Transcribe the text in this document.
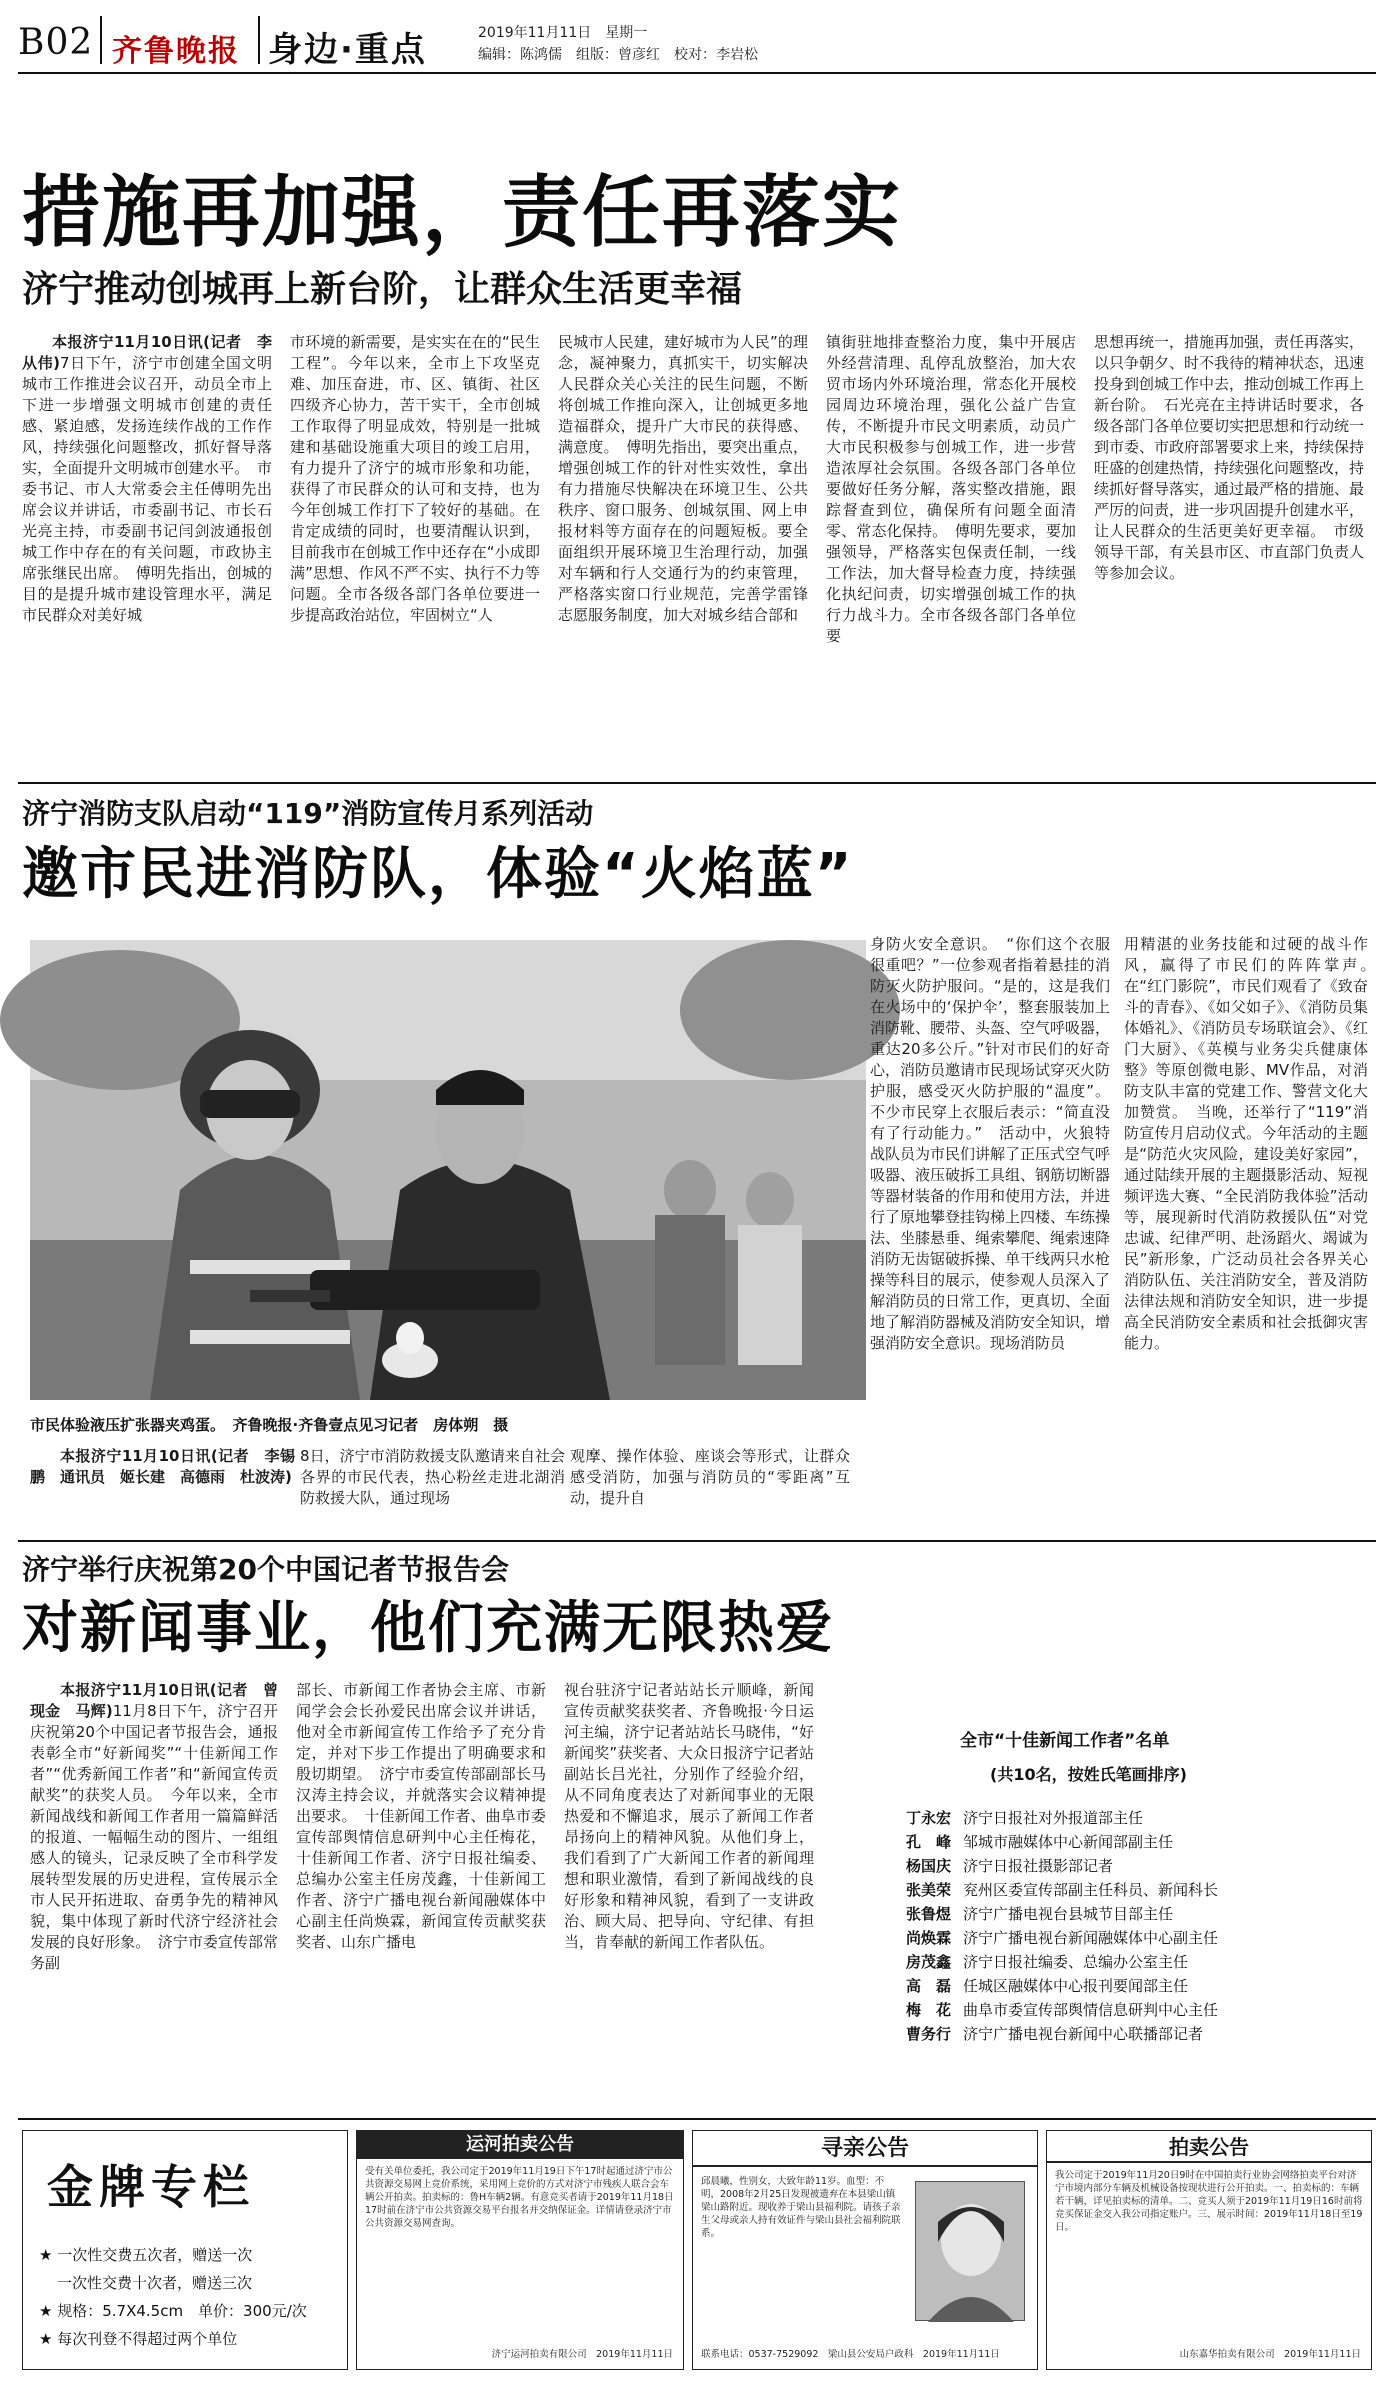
B02 齐鲁晚报 身边·重点	2019年11月11日　 星期一
编辑：陈鸿儒　 组版：曾彦红　 校对：李岩松
措施再加强，责任再落实
济宁推动创城再上新台阶，让群众生活更幸福

本报济宁11月10日讯(记者　李从伟)7日下午，济宁市创建全国文明城市工作推进会议召开，动员全市上下进一步增强文明城市创建的责任感、紧迫感，发扬连续作战的工作作风，持续强化问题整改，抓好督导落实，全面提升文明城市创建水平。　市委书记、市人大常委会主任傅明先出席会议并讲话，市委副书记、市长石光亮主持，市委副书记闫剑波通报创城工作中存在的有关问题，市政协主席张继民出席。　傅明先指出，创城的目的是提升城市建设管理水平，满足市民群众对美好城

市环境的新需要，是实实在在的“民生工程”。今年以来，全市上下攻坚克难、加压奋进，市、区、镇街、社区四级齐心协力，苦干实干，全市创城工作取得了明显成效，特别是一批城建和基础设施重大项目的竣工启用，有力提升了济宁的城市形象和功能，获得了市民群众的认可和支持，也为今年创城工作打下了较好的基础。在肯定成绩的同时，也要清醒认识到，目前我市在创城工作中还存在“小成即满”思想、作风不严不实、执行不力等问题。全市各级各部门各单位要进一步提高政治站位，牢固树立“人

民城市人民建，建好城市为人民”的理念，凝神聚力，真抓实干，切实解决人民群众关心关注的民生问题，不断将创城工作推向深入，让创城更多地造福群众，提升广大市民的获得感、满意度。　傅明先指出，要突出重点，增强创城工作的针对性实效性，拿出有力措施尽快解决在环境卫生、公共秩序、窗口服务、创城氛围、网上申报材料等方面存在的问题短板。要全面组织开展环境卫生治理行动，加强对车辆和行人交通行为的约束管理，严格落实窗口行业规范，完善学雷锋志愿服务制度，加大对城乡结合部和

镇街驻地排查整治力度，集中开展店外经营清理、乱停乱放整治，加大农贸市场内外环境治理，常态化开展校园周边环境治理，强化公益广告宣传，不断提升市民文明素质，动员广大市民积极参与创城工作，进一步营造浓厚社会氛围。各级各部门各单位要做好任务分解，落实整改措施，跟踪督查到位，确保所有问题全面清零、常态化保持。　傅明先要求，要加强领导，严格落实包保责任制，一线工作法，加大督导检查力度，持续强化执纪问责，切实增强创城工作的执行力战斗力。全市各级各部门各单位要

思想再统一，措施再加强，责任再落实，以只争朝夕、时不我待的精神状态，迅速投身到创城工作中去，推动创城工作再上新台阶。　石光亮在主持讲话时要求，各级各部门各单位要切实把思想和行动统一到市委、市政府部署要求上来，持续保持旺盛的创建热情，持续强化问题整改，持续抓好督导落实，通过最严格的措施、最严厉的问责，进一步巩固提升创建水平，让人民群众的生活更美好更幸福。　市级领导干部，有关县市区、市直部门负责人等参加会议。

济宁消防支队启动“119”消防宣传月系列活动
邀市民进消防队，体验“火焰蓝”
市民体验液压扩张器夹鸡蛋。　齐鲁晚报·齐鲁壹点见习记者　房体朔　摄

本报济宁11月10日讯(记者　李锡鹏　通讯员　姬长建　高德雨　杜波涛)

8日，济宁市消防救援支队邀请来自社会各界的市民代表，热心粉丝走进北湖消防救援大队，通过现场

观摩、操作体验、座谈会等形式，让群众感受消防，加强与消防员的“零距离”互动，提升自

身防火安全意识。　“你们这个衣服很重吧？”一位参观者指着悬挂的消防灭火防护服问。“是的，这是我们在火场中的‘保护伞’，整套服装加上消防靴、腰带、头盔、空气呼吸器，重达20多公斤。”针对市民们的好奇心，消防员邀请市民现场试穿灭火防护服，感受灭火防护服的“温度”。不少市民穿上衣服后表示：“简直没有了行动能力。”　活动中，火狼特战队员为市民们讲解了正压式空气呼吸器、液压破拆工具组、钢筋切断器等器材装备的作用和使用方法，并进行了原地攀登挂钩梯上四楼、车练操法、坐膝悬垂、绳索攀爬、绳索速降消防无齿锯破拆操、单干线两只水枪操等科目的展示，使参观人员深入了解消防员的日常工作，更真切、全面地了解消防器械及消防安全知识，增强消防安全意识。现场消防员

用精湛的业务技能和过硬的战斗作风，赢得了市民们的阵阵掌声。　在“红门影院”，市民们观看了《致奋斗的青春》、《如父如子》、《消防员集体婚礼》、《消防员专场联谊会》、《红门大厨》、《英模与业务尖兵健康体整》等原创微电影、MV作品，对消防支队丰富的党建工作、警营文化大加赞赏。　当晚，还举行了“119”消防宣传月启动仪式。今年活动的主题是“防范火灾风险，建设美好家园”，通过陆续开展的主题摄影活动、短视频评选大赛、“全民消防我体验”活动等，展现新时代消防救援队伍“对党忠诚、纪律严明、赴汤蹈火、竭诚为民”新形象，广泛动员社会各界关心消防队伍、关注消防安全，普及消防法律法规和消防安全知识，进一步提高全民消防安全素质和社会抵御灾害能力。

济宁举行庆祝第20个中国记者节报告会
对新闻事业，他们充满无限热爱

本报济宁11月10日讯(记者　曾现金　马辉)11月8日下午，济宁召开庆祝第20个中国记者节报告会，通报表彰全市“好新闻奖”“十佳新闻工作者”“优秀新闻工作者”和“新闻宣传贡献奖”的获奖人员。　今年以来，全市新闻战线和新闻工作者用一篇篇鲜活的报道、一幅幅生动的图片、一组组感人的镜头，记录反映了全市科学发展转型发展的历史进程，宣传展示全市人民开拓进取、奋勇争先的精神风貌，集中体现了新时代济宁经济社会发展的良好形象。　济宁市委宣传部常务副

部长、市新闻工作者协会主席、市新闻学会会长孙爱民出席会议并讲话，他对全市新闻宣传工作给予了充分肯定，并对下步工作提出了明确要求和殷切期望。　济宁市委宣传部副部长马汉涛主持会议，并就落实会议精神提出要求。　十佳新闻工作者、曲阜市委宣传部舆情信息研判中心主任梅花，十佳新闻工作者、济宁日报社编委、总编办公室主任房茂鑫，十佳新闻工作者、济宁广播电视台新闻融媒体中心副主任尚焕霖，新闻宣传贡献奖获奖者、山东广播电

视台驻济宁记者站站长亓顺峰，新闻宣传贡献奖获奖者、齐鲁晚报·今日运河主编，济宁记者站站长马晓伟，“好新闻奖”获奖者、大众日报济宁记者站副站长吕光社，分别作了经验介绍，从不同角度表达了对新闻事业的无限热爱和不懈追求，展示了新闻工作者昂扬向上的精神风貌。从他们身上，我们看到了广大新闻工作者的新闻理想和职业激情，看到了新闻战线的良好形象和精神风貌，看到了一支讲政治、顾大局、把导向、守纪律、有担当，肯奉献的新闻工作者队伍。

全市“十佳新闻工作者”名单
(共10名，按姓氏笔画排序)
丁永宏	济宁日报社对外报道部主任
孔　峰	邹城市融媒体中心新闻部副主任
杨国庆	济宁日报社摄影部记者
张美荣	兖州区委宣传部副主任科员、新闻科长
张鲁煜	济宁广播电视台县城节目部主任
尚焕霖	济宁广播电视台新闻融媒体中心副主任
房茂鑫	济宁日报社编委、总编办公室主任
高　磊	任城区融媒体中心报刊要闻部主任
梅　花	曲阜市委宣传部舆情信息研判中心主任
曹务行	济宁广播电视台新闻中心联播部记者
金牌专栏
★ 一次性交费五次者，赠送一次
一次性交费十次者，赠送三次
★ 规格：5.7X4.5cm　单价：300元/次
★ 每次刊登不得超过两个单位
运河拍卖公告
受有关单位委托，我公司定于2019年11月19日下午17时起通过济宁市公共资源交易网上竞价系统，采用网上竞价的方式对济宁市残疾人联合会车辆公开拍卖。拍卖标的：鲁H车辆2辆。有意竞买者请于2019年11月18日17时前在济宁市公共资源交易平台报名并交纳保证金。详情请登录济宁市公共资源交易网查询。
济宁运河拍卖有限公司　2019年11月11日
寻亲公告
邱晨曦，性别女，大致年龄11岁。血型：不明，2008年2月25日发现被遗弃在本县梁山镇梁山路附近。现收养于梁山县福利院。请孩子亲生父母或亲人持有效证件与梁山县社会福利院联系。
联系电话：0537-7529092　梁山县公安局户政科　2019年11月11日
拍卖公告
我公司定于2019年11月20日9时在中国拍卖行业协会网络拍卖平台对济宁市境内部分车辆及机械设备按现状进行公开拍卖。一、拍卖标的：车辆若干辆，详见拍卖标的清单。二、竞买人须于2019年11月19日16时前将竞买保证金交入我公司指定账户。三、展示时间：2019年11月18日至19日。
山东嘉华拍卖有限公司　2019年11月11日
